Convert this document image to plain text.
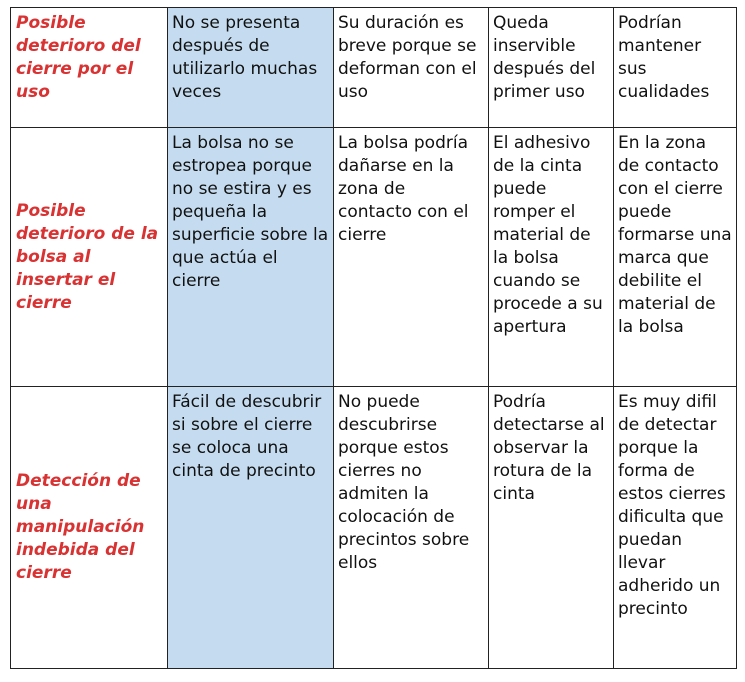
Posible deterioro del cierre por el uso	No se presenta después de utilizarlo muchas veces	Su duración es breve porque se deforman con el uso	Queda inservible después del primer uso	Podrían mantener sus cualidades
Posible deterioro de la bolsa al insertar el cierre	La bolsa no se estropea porque no se estira y es pequeña la superficie sobre la que actúa el cierre	La bolsa podría dañarse en la zona de contacto con el cierre	El adhesivo de la cinta puede romper el material de la bolsa cuando se procede a su apertura	En la zona de contacto con el cierre puede formarse una marca que debilite el material de la bolsa
Detección de una manipulación indebida del cierre	Fácil de descubrir si sobre el cierre se coloca una cinta de precinto	No puede descubrirse porque estos cierres no admiten la colocación de precintos sobre ellos	Podría detectarse al observar la rotura de la cinta	Es muy difil de detectar porque la forma de estos cierres dificulta que puedan llevar adherido un precinto
